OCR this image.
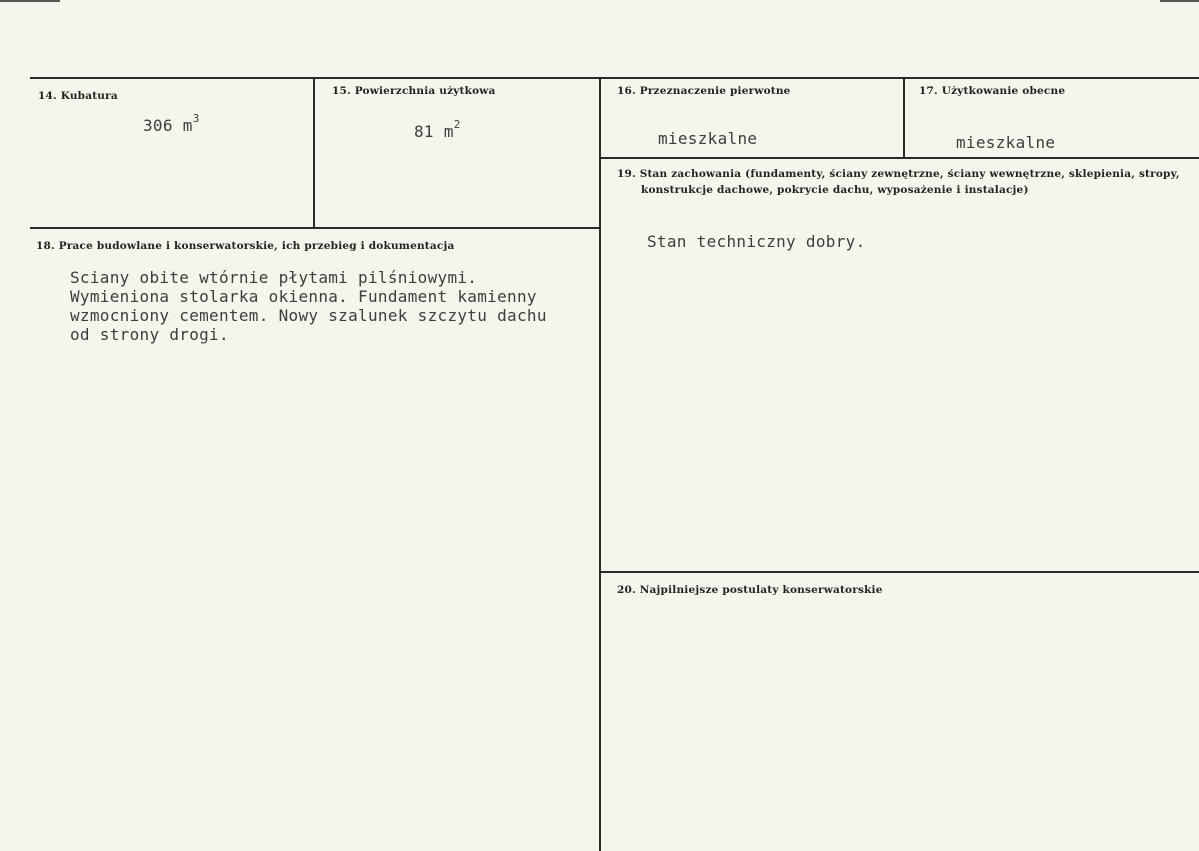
14. Kubatura
306 $m^3$
15. Powierzchnia użytkowa
81 $m^2$
16. Przeznaczenie pierwotne
mieszkalne
17. Użytkowanie obecne
mieszkalne
19. Stan zachowania (fundamenty, ściany zewnętrzne, ściany wewnętrzne, sklepienia, stropy,
konstrukcje dachowe, pokrycie dachu, wyposażenie i instalacje)
Stan techniczny dobry.
18. Prace budowlane i konserwatorskie, ich przebieg i dokumentacja
Sciany obite wtórnie płytami pilśniowymi.
Wymieniona stolarka okienna. Fundament kamienny
wzmocniony cementem. Nowy szalunek szczytu dachu
od strony drogi.
20. Najpilniejsze postulaty konserwatorskie
